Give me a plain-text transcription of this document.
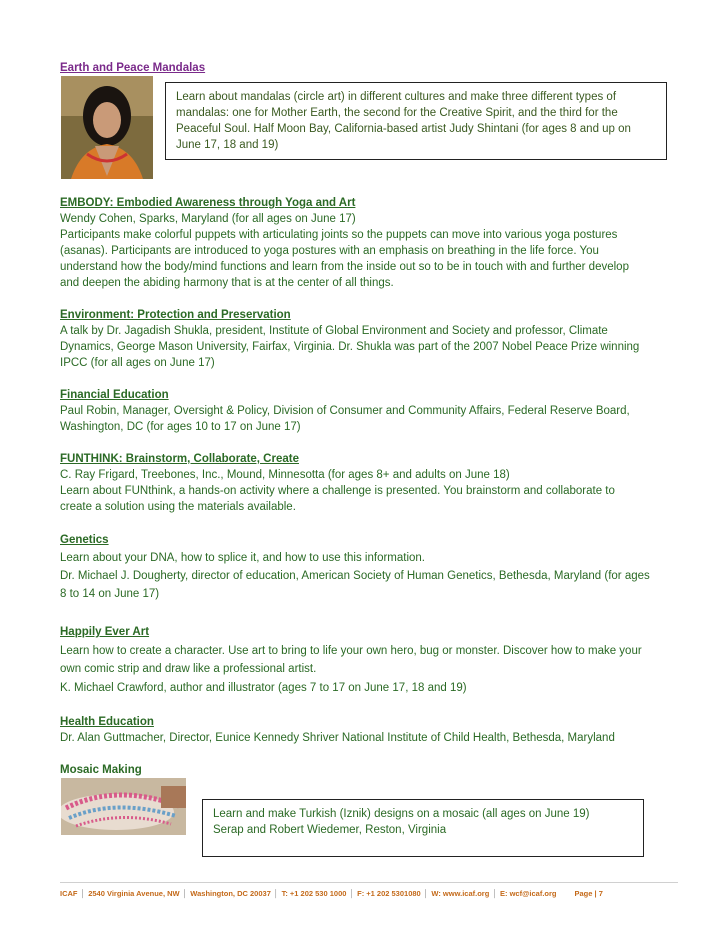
Earth and Peace Mandalas
Learn about mandalas (circle art) in different cultures and make three different types of
mandalas: one for Mother Earth, the second for the Creative Spirit, and the third for the
Peaceful Soul. Half Moon Bay, California-based artist Judy Shintani (for ages 8 and up on
June 17, 18 and 19)
EMBODY: Embodied Awareness through Yoga and Art
Wendy Cohen, Sparks, Maryland (for all ages on June 17)
Participants make colorful puppets with articulating joints so the puppets can move into various yoga postures
(asanas). Participants are introduced to yoga postures with an emphasis on breathing in the life force. You
understand how the body/mind functions and learn from the inside out so to be in touch with and further develop
and deepen the abiding harmony that is at the center of all things.
Environment: Protection and Preservation
A talk by Dr. Jagadish Shukla, president, Institute of Global Environment and Society and professor, Climate
Dynamics, George Mason University, Fairfax, Virginia. Dr. Shukla was part of the 2007 Nobel Peace Prize winning
IPCC (for all ages on June 17)
Financial Education
Paul Robin, Manager, Oversight & Policy, Division of Consumer and Community Affairs, Federal Reserve Board,
Washington, DC (for ages 10 to 17 on June 17)
FUNTHINK: Brainstorm, Collaborate, Create
C. Ray Frigard, Treebones, Inc., Mound, Minnesotta (for ages 8+ and adults on June 18)
Learn about FUNthink, a hands-on activity where a challenge is presented. You brainstorm and collaborate to
create a solution using the materials available.
Genetics
Learn about your DNA, how to splice it, and how to use this information.
Dr. Michael J. Dougherty, director of education, American Society of Human Genetics, Bethesda, Maryland (for ages
8 to 14 on June 17)
Happily Ever Art
Learn how to create a character. Use art to bring to life your own hero, bug or monster. Discover how to make your
own comic strip and draw like a professional artist.
K. Michael Crawford, author and illustrator (ages 7 to 17 on June 17, 18 and 19)
Health Education
Dr. Alan Guttmacher, Director, Eunice Kennedy Shriver National Institute of Child Health, Bethesda, Maryland
Mosaic Making
Learn and make Turkish (Iznik) designs on a mosaic (all ages on June 19)
Serap and Robert Wiedemer, Reston, Virginia
ICAF │ 2540 Virginia Avenue, NW │ Washington, DC 20037 │ T: +1 202 530 1000 │ F: +1 202 5301080 │ W: www.icaf.org │ E: wcf@icaf.org Page | 7
